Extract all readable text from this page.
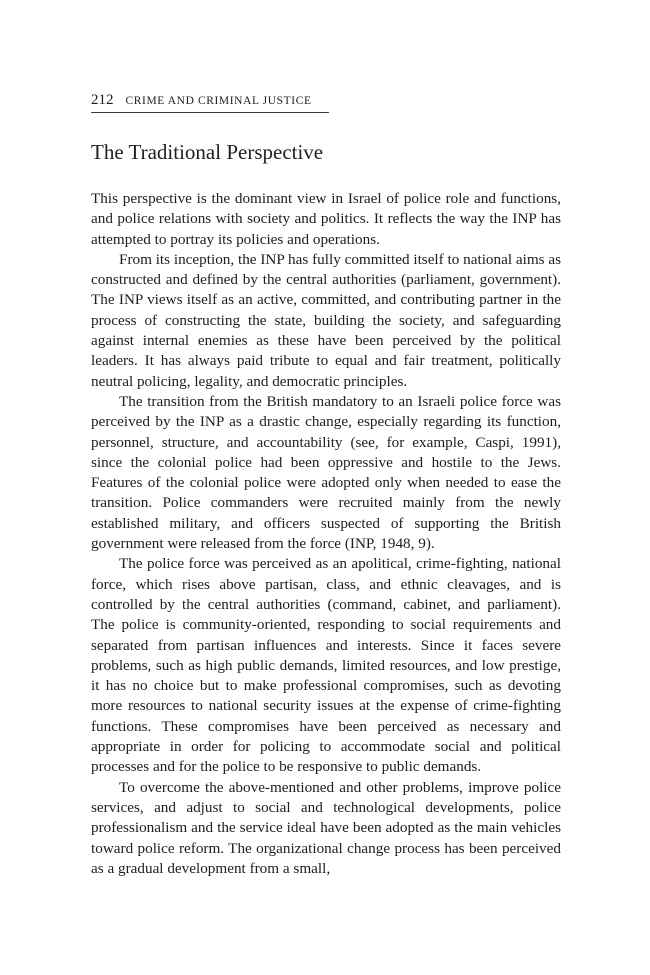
212 CRIME AND CRIMINAL JUSTICE
The Traditional Perspective

This perspective is the dominant view in Israel of police role and functions, and police relations with society and politics. It reflects the way the INP has attempted to portray its policies and operations.

From its inception, the INP has fully committed itself to national aims as constructed and defined by the central authorities (parliament, government). The INP views itself as an active, committed, and contributing partner in the process of constructing the state, building the society, and safeguarding against internal enemies as these have been perceived by the political leaders. It has always paid tribute to equal and fair treatment, politically neutral policing, legality, and democratic principles.

The transition from the British mandatory to an Israeli police force was perceived by the INP as a drastic change, especially regarding its function, personnel, structure, and accountability (see, for example, Caspi, 1991), since the colonial police had been oppressive and hostile to the Jews. Features of the colonial police were adopted only when needed to ease the transition. Police commanders were recruited mainly from the newly established military, and officers suspected of supporting the British government were released from the force (INP, 1948, 9).

The police force was perceived as an apolitical, crime-fighting, national force, which rises above partisan, class, and ethnic cleavages, and is controlled by the central authorities (command, cabinet, and parliament). The police is community-oriented, responding to social requirements and separated from partisan influences and interests. Since it faces severe problems, such as high public demands, limited resources, and low prestige, it has no choice but to make professional compromises, such as devoting more resources to national security issues at the expense of crime-fighting functions. These compromises have been perceived as necessary and appropriate in order for policing to accommodate social and political processes and for the police to be responsive to public demands.

To overcome the above-mentioned and other problems, improve police services, and adjust to social and technological developments, police professionalism and the service ideal have been adopted as the main vehicles toward police reform. The organizational change process has been perceived as a gradual development from a small,
